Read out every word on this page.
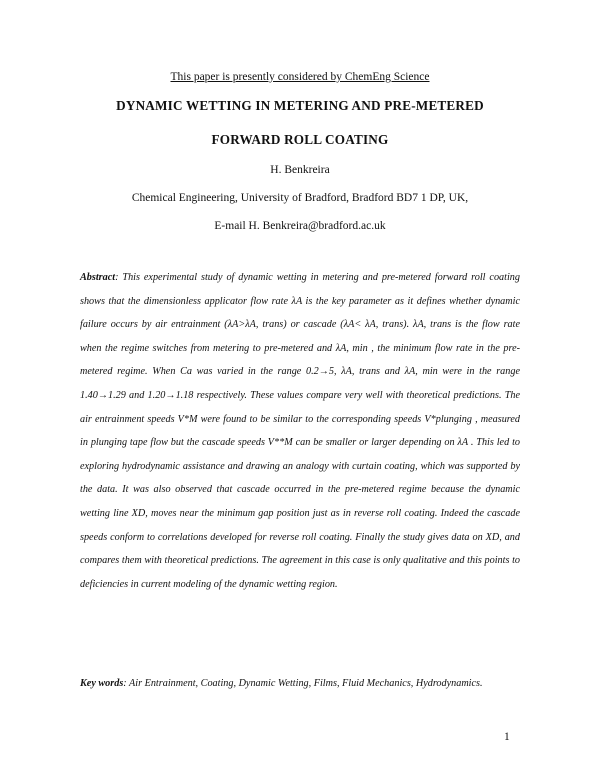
This paper is presently considered by ChemEng Science
DYNAMIC WETTING IN METERING AND PRE-METERED
FORWARD ROLL COATING
H. Benkreira
Chemical Engineering, University of Bradford, Bradford BD7 1 DP, UK,
E-mail H. Benkreira@bradford.ac.uk
Abstract: This experimental study of dynamic wetting in metering and pre-metered forward roll coating shows that the dimensionless applicator flow rate λA is the key parameter as it defines whether dynamic failure occurs by air entrainment (λA>λA, trans) or cascade (λA< λA, trans). λA, trans is the flow rate when the regime switches from metering to pre-metered and λA, min , the minimum flow rate in the pre-metered regime. When Ca was varied in the range 0.2→5, λA, trans and λA, min were in the range 1.40→1.29 and 1.20→1.18 respectively. These values compare very well with theoretical predictions. The air entrainment speeds V*M were found to be similar to the corresponding speeds V*plunging , measured in plunging tape flow but the cascade speeds V**M can be smaller or larger depending on λA . This led to exploring hydrodynamic assistance and drawing an analogy with curtain coating, which was supported by the data. It was also observed that cascade occurred in the pre-metered regime because the dynamic wetting line XD, moves near the minimum gap position just as in reverse roll coating. Indeed the cascade speeds conform to correlations developed for reverse roll coating. Finally the study gives data on XD, and compares them with theoretical predictions. The agreement in this case is only qualitative and this points to deficiencies in current modeling of the dynamic wetting region.
Key words: Air Entrainment, Coating, Dynamic Wetting, Films, Fluid Mechanics, Hydrodynamics.
1
